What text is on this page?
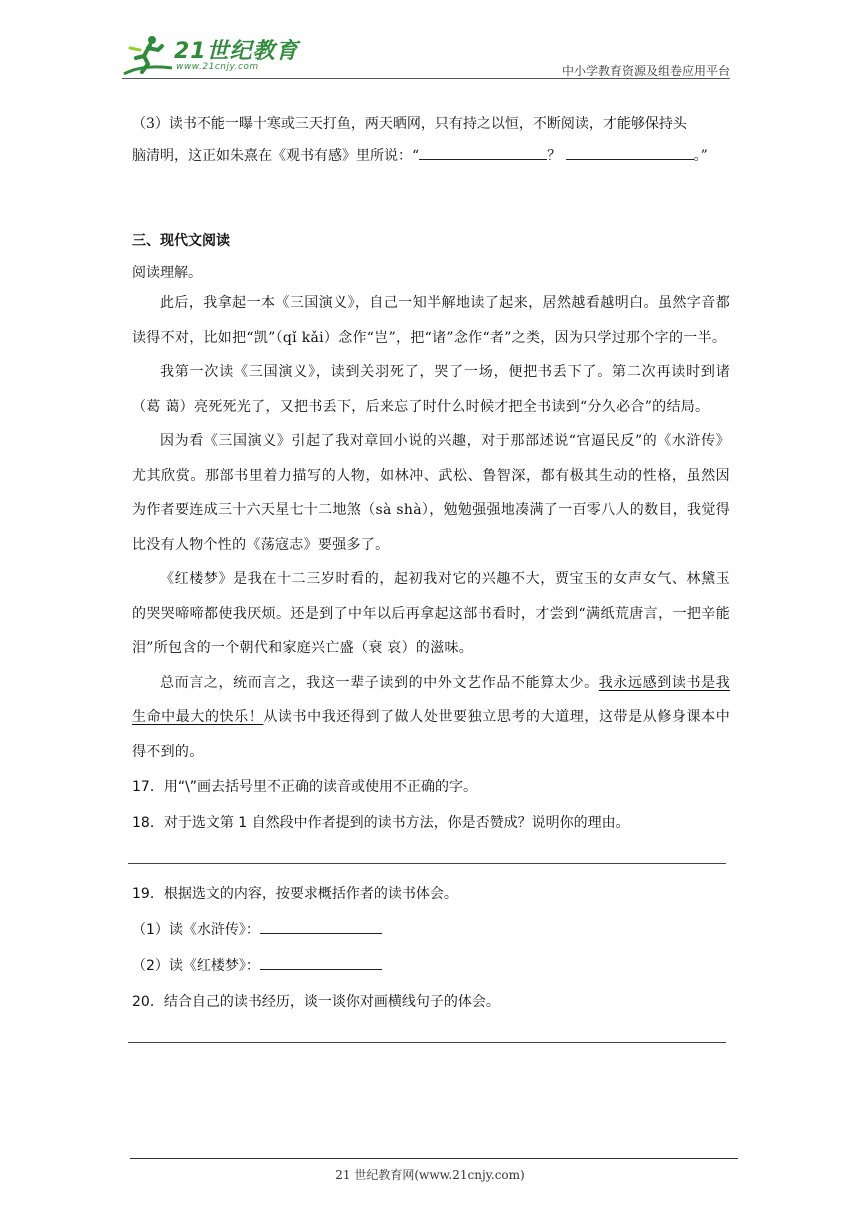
21世纪教育
www.21cnjy.com	中小学教育资源及组卷应用平台

（3）读书不能一曝十寒或三天打鱼，两天晒网，只有持之以恒，不断阅读，才能够保持头
脑清明，这正如朱熹在《观书有感》里所说：“	？	。”

三、现代文阅读
阅读理解。

此后，我拿起一本《三国演义》，自己一知半解地读了起来，居然越看越明白。虽然字音都读得不对，比如把“凯”（qǐ kǎi）念作“岂”，把“诸”念作“者”之类，因为只学过那个字的一半。

我第一次读《三国演义》，读到关羽死了，哭了一场，便把书丢下了。第二次再读时到诸（葛 蔼）亮死死光了，又把书丢下，后来忘了时什么时候才把全书读到“分久必合”的结局。

因为看《三国演义》引起了我对章回小说的兴趣，对于那部述说“官逼民反”的《水浒传》尤其欣赏。那部书里着力描写的人物，如林冲、武松、鲁智深，都有极其生动的性格，虽然因为作者要连成三十六天星七十二地煞（sà shà），勉勉强强地凑满了一百零八人的数目，我觉得比没有人物个性的《荡寇志》要强多了。

《红楼梦》是我在十二三岁时看的，起初我对它的兴趣不大，贾宝玉的女声女气、林黛玉的哭哭啼啼都使我厌烦。还是到了中年以后再拿起这部书看时，才尝到“满纸荒唐言，一把辛能泪”所包含的一个朝代和家庭兴亡盛（衰 哀）的滋味。

总而言之，统而言之，我这一辈子读到的中外文艺作品不能算太少。我永远感到读书是我生命中最大的快乐！从读书中我还得到了做人处世要独立思考的大道理，这带是从修身课本中得不到的。

17．用“\”画去括号里不正确的读音或使用不正确的字。

18．对于选文第 1 自然段中作者提到的读书方法，你是否赞成？说明你的理由。

19．根据选文的内容，按要求概括作者的读书体会。

（1）读《水浒传》：

（2）读《红楼梦》：

20．结合自己的读书经历，谈一谈你对画横线句子的体会。

21 世纪教育网(www.21cnjy.com)
